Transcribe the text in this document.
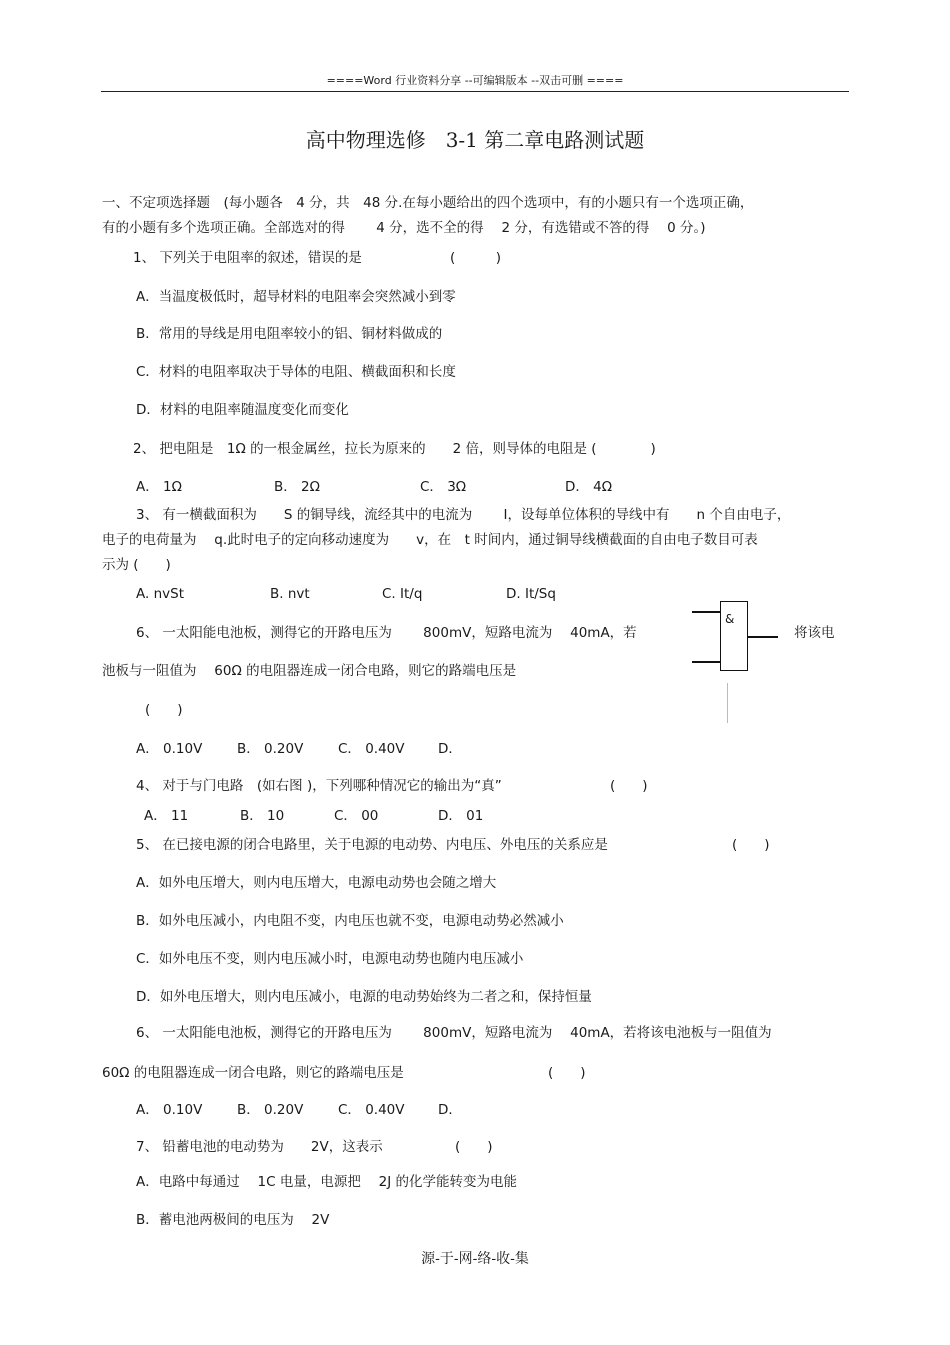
====Word 行业资料分享 --可编辑版本 --双击可删 ====
高中物理选修　3-1 第二章电路测试题
一、不定项选择题　(每小题各　4 分，共　48 分.在每小题给出的四个选项中，有的小题只有一个选项正确，
有的小题有多个选项正确。全部选对的得　　 4 分，选不全的得　 2 分，有选错或不答的得　 0 分。)
1、 下列关于电阻率的叙述，错误的是	(　　　)
A．当温度极低时，超导材料的电阻率会突然减小到零
B．常用的导线是用电阻率较小的铝、铜材料做成的
C．材料的电阻率取决于导体的电阻、横截面积和长度
D．材料的电阻率随温度变化而变化
2、 把电阻是　1Ω 的一根金属丝，拉长为原来的　　2 倍，则导体的电阻是 (　　　　)
A． 1Ω	B． 2Ω	C． 3Ω	D． 4Ω
3、 有一横截面积为　　S 的铜导线，流经其中的电流为　　 I，设每单位体积的导线中有　　n 个自由电子，
电子的电荷量为　 q.此时电子的定向移动速度为　　v，在　t 时间内，通过铜导线横截面的自由电子数目可表
示为 (　　)
A. nvSt	B. nvt	C. It/q	D. It/Sq
6、 一太阳能电池板，测得它的开路电压为　　 800mV，短路电流为　 40mA，若	将该电
池板与一阻值为　 60Ω 的电阻器连成一闭合电路，则它的路端电压是
(　　)
A． 0.10V	B． 0.20V	C． 0.40V D．
&
4、 对于与门电路　(如右图 )，下列哪种情况它的输出为“真”	(　　)
A． 11	B． 10	C． 00	D． 01
5、 在已接电源的闭合电路里，关于电源的电动势、内电压、外电压的关系应是	(　　)
A．如外电压增大，则内电压增大，电源电动势也会随之增大
B．如外电压减小，内电阻不变，内电压也就不变，电源电动势必然减小
C．如外电压不变，则内电压减小时，电源电动势也随内电压减小
D．如外电压增大，则内电压减小，电源的电动势始终为二者之和，保持恒量
6、 一太阳能电池板，测得它的开路电压为　　 800mV，短路电流为　 40mA，若将该电池板与一阻值为
60Ω 的电阻器连成一闭合电路，则它的路端电压是	(　　)
A． 0.10V	B． 0.20V	C． 0.40V D．
7、 铅蓄电池的电动势为　　2V，这表示	(　　)
A．电路中每通过　 1C 电量，电源把　 2J 的化学能转变为电能
B．蓄电池两极间的电压为　 2V
源-于-网-络-收-集
